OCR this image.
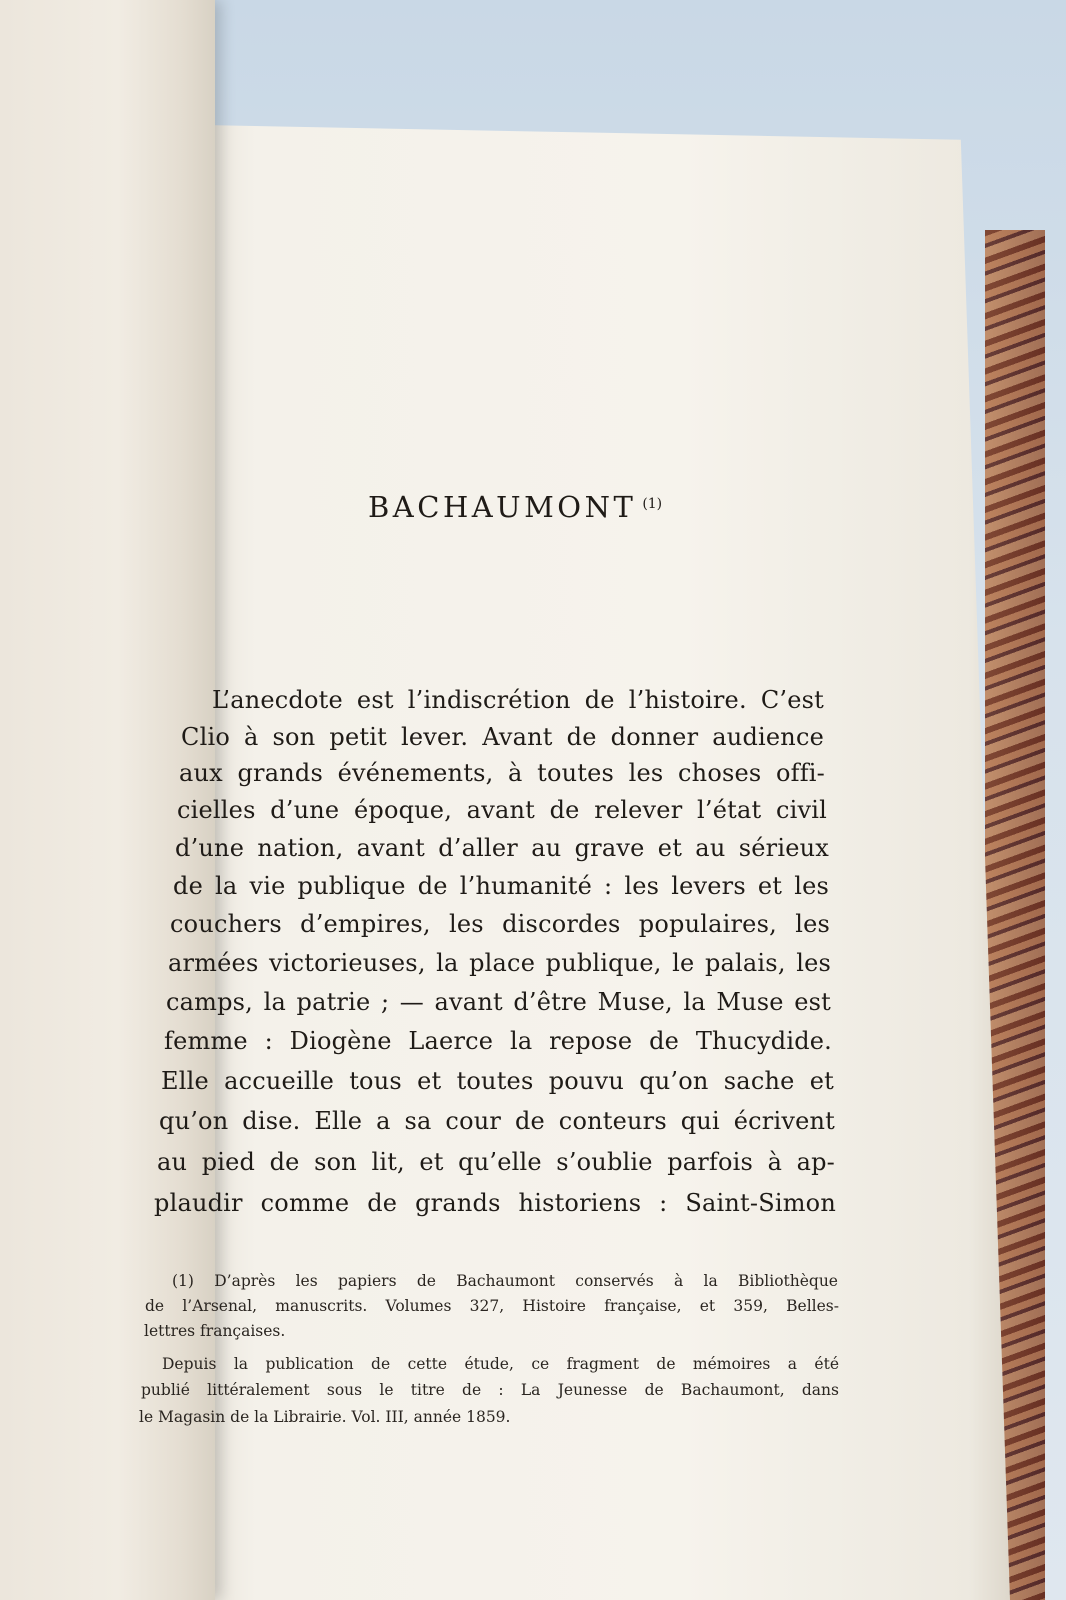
BACHAUMONT $^{(1)}$
L’anecdote est l’indiscrétion de l’histoire. C’est
Clio à son petit lever. Avant de donner audience
aux grands événements, à toutes les choses offi-
cielles d’une époque, avant de relever l’état civil
d’une nation, avant d’aller au grave et au sérieux
de la vie publique de l’humanité : les levers et les
couchers d’empires, les discordes populaires, les
armées victorieuses, la place publique, le palais, les
camps, la patrie ; — avant d’être Muse, la Muse est
femme : Diogène Laerce la repose de Thucydide.
Elle accueille tous et toutes pouvu qu’on sache et
qu’on dise. Elle a sa cour de conteurs qui écrivent
au pied de son lit, et qu’elle s’oublie parfois à ap-
plaudir comme de grands historiens : Saint-Simon
(1) D’après les papiers de Bachaumont conservés à la Bibliothèque
de l’Arsenal, manuscrits. Volumes 327, Histoire française, et 359, Belles-
lettres françaises.
Depuis la publication de cette étude, ce fragment de mémoires a été
publié littéralement sous le titre de : La Jeunesse de Bachaumont, dans
le Magasin de la Librairie. Vol. III, année 1859.
